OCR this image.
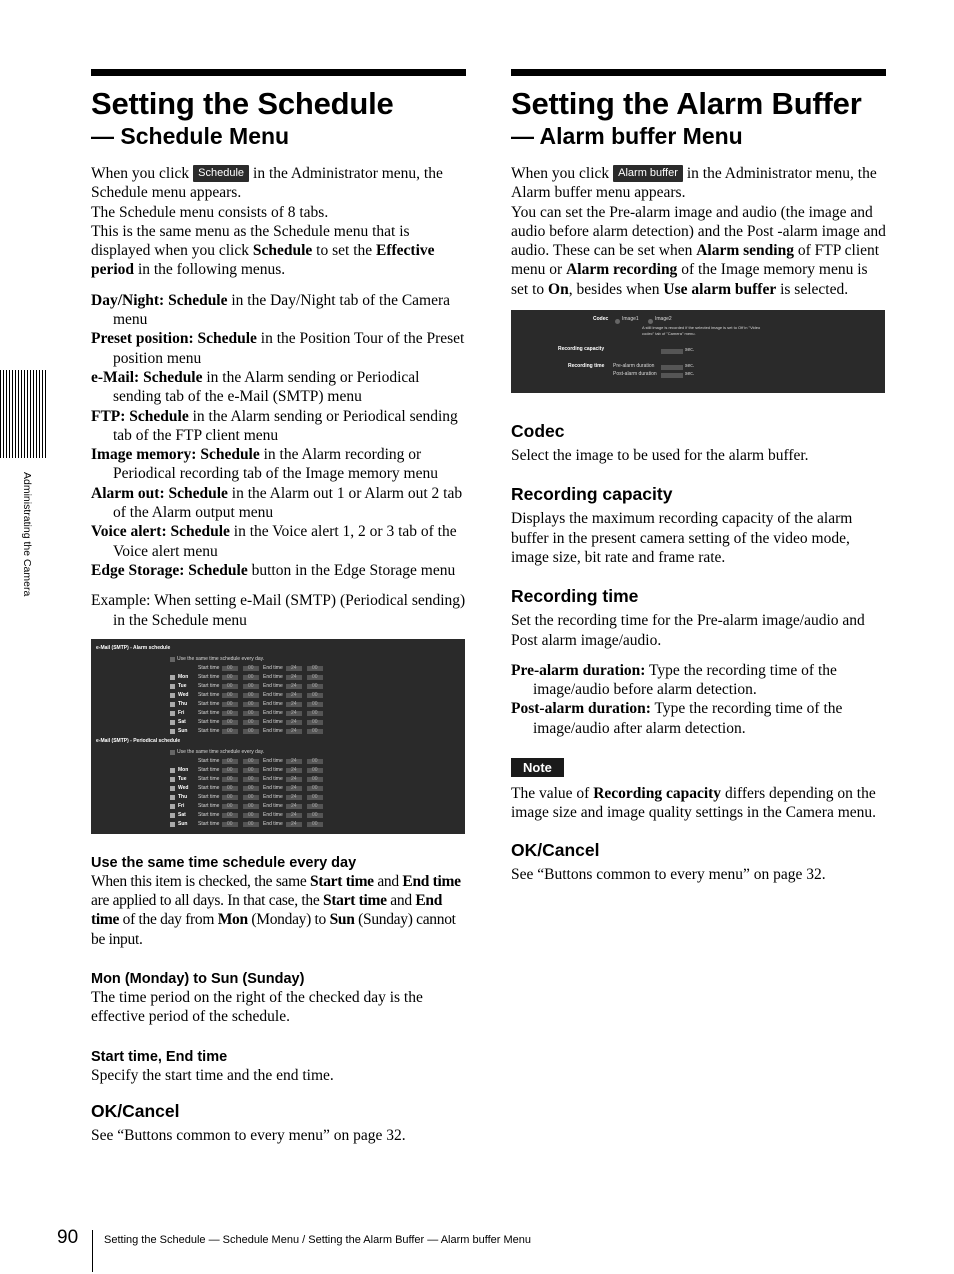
Administrating the Camera
Setting the Schedule
— Schedule Menu

When you click Schedule in the Administrator menu, the Schedule menu appears.

The Schedule menu consists of 8 tabs.

This is the same menu as the Schedule menu that is displayed when you click Schedule to set the Effective period in the following menus.

Day/Night: Schedule in the Day/Night tab of the Camera menu

Preset position: Schedule in the Position Tour of the Preset position menu

e-Mail: Schedule in the Alarm sending or Periodical sending tab of the e-Mail (SMTP) menu

FTP: Schedule in the Alarm sending or Periodical sending tab of the FTP client menu

Image memory: Schedule in the Alarm recording or Periodical recording tab of the Image memory menu

Alarm out: Schedule in the Alarm out 1 or Alarm out 2 tab of the Alarm output menu

Voice alert: Schedule in the Voice alert 1, 2 or 3 tab of the Voice alert menu

Edge Storage: Schedule button in the Edge Storage menu

Example: When setting e-Mail (SMTP) (Periodical sending) in the Schedule menu

e-Mail (SMTP) - Alarm schedule
e-Mail (SMTP) - Periodical schedule
Use the same time schedule every day.
Start time 00	00 End time 24	00
Mon Start time 00	00 End time 24	00
Tue Start time 00	00 End time 24	00
Wed Start time 00	00 End time 24	00
Thu Start time 00	00 End time 24	00
Fri	Start time 00	00 End time 24	00
Sat Start time 00	00 End time 24	00
Sun Start time 00	00 End time 24	00
Use the same time schedule every day.
Start time 00	00 End time 24	00
Mon Start time 00	00 End time 24	00
Tue Start time 00	00 End time 24	00
Wed Start time 00	00 End time 24	00
Thu Start time 00	00 End time 24	00
Fri	Start time 00	00 End time 24	00
Sat Start time 00	00 End time 24	00
Sun Start time 00	00 End time 24	00
Use the same time schedule every day

When this item is checked, the same Start time and End time are applied to all days. In that case, the Start time and End time of the day from Mon (Monday) to Sun (Sunday) cannot be input.

Mon (Monday) to Sun (Sunday)

The time period on the right of the checked day is the effective period of the schedule.

Start time, End time

Specify the start time and the end time.

OK/Cancel

See “Buttons common to every menu” on page 32.

Setting the Alarm Buffer
— Alarm buffer Menu

When you click Alarm buffer in the Administrator menu, the Alarm buffer menu appears.

You can set the Pre-alarm image and audio (the image and audio before alarm detection) and the Post -alarm image and audio. These can be set when Alarm sending of FTP client menu or Alarm recording of the Image memory menu is set to On, besides when Use alarm buffer is selected.

Codec	Image1	Image2
A still image is recorded if the selected image is set to Off in "Video codec" tab of "Camera" menu.
Recording capacity	sec.
Recording time Pre-alarm duration	sec.
Post-alarm duration	sec.
Codec

Select the image to be used for the alarm buffer.

Recording capacity

Displays the maximum recording capacity of the alarm buffer in the present camera setting of the video mode, image size, bit rate and frame rate.

Recording time

Set the recording time for the Pre-alarm image/audio and Post alarm image/audio.

Pre-alarm duration: Type the recording time of the image/audio before alarm detection.

Post-alarm duration: Type the recording time of the image/audio after alarm detection.

Note

The value of Recording capacity differs depending on the image size and image quality settings in the Camera menu.

OK/Cancel

See “Buttons common to every menu” on page 32.

90 Setting the Schedule — Schedule Menu / Setting the Alarm Buffer — Alarm buffer Menu
